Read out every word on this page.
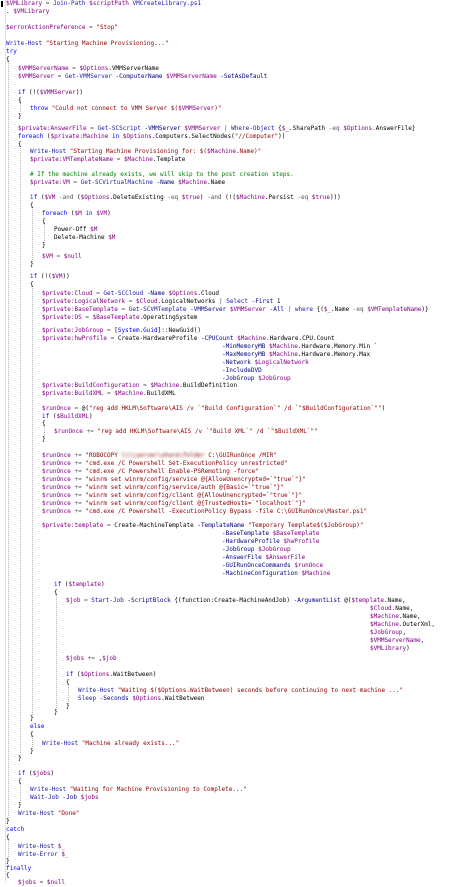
$VMLibrary = Join-Path $scriptPath VMCreateLibrary.ps1
. $VMLibrary
$errorActionPreference = "Stop"
Write-Host "Starting Machine Provisioning..."
try
{
$VMMServerName = $Options.VMMServerName
$VMMServer = Get-VMMServer -ComputerName $VMMServerName -SetAsDefault
if (!($VMMServer))
{
throw "Could not connect to VMM Server $($VMMServer)"
}
$private:AnswerFile = Get-SCScript -VMMServer $VMMServer | Where-Object {$_.SharePath -eq $Options.AnswerFile}
foreach ($private:Machine in $Options.Computers.SelectNodes("//Computer"))
{
Write-Host "Starting Machine Provisioning for: $($Machine.Name)"
$private:VMTemplateName = $Machine.Template
# If the machine already exists, we will skip to the post creation steps.
$private:VM = Get-SCVirtualMachine -Name $Machine.Name
if ($VM -and ($Options.DeleteExisting -eq $true) -and (!($Machine.Persist -eq $true)))
{
foreach ($M in $VM)
{
Power-Off $M
Delete-Machine $M
}
$VM = $null
}
if (!($VM))
{
$private:Cloud = Get-SCCloud -Name $Options.Cloud
$private:LogicalNetwork = $Cloud.LogicalNetworks | Select -First 1
$private:BaseTemplate = Get-SCVMTemplate -VMMServer $VMMServer -All | where {($_.Name -eq $VMTemplateName)}
$private:OS = $BaseTemplate.OperatingSystem
$private:JobGroup = [System.Guid]::NewGuid()
$private:hwProfile = Create-HardwareProfile -CPUCount $Machine.Hardware.CPU.Count
-MinMemoryMB $Machine.Hardware.Memory.Min `
-MaxMemoryMB $Machine.Hardware.Memory.Max
-Network $LogicalNetwork
-IncludeDVD
-JobGroup $JobGroup
$private:BuildConfiguration = $Machine.BuildDefinition
$private:BuildXML = $Machine.BuildXML
$runOnce = @("reg add HKLM\Software\AIS /v `"Build Configuration`" /d `"$BuildConfiguration`"")
if ($BuildXML)
{
$runOnce += "reg add HKLM\Software\AIS /v `"Build XML`" /d `"$BuildXML`""
}
$runOnce += "ROBOCOPY \\\\server\share\folder C:\GUIRunOnce /MIR"
$runOnce += "cmd.exe /C Powershell Set-ExecutionPolicy unrestricted"
$runOnce += "cmd.exe /C Powershell Enable-PSRemoting -force"
$runOnce += "winrm set winrm/config/service @{AllowUnencrypted=`"true`"}"
$runOnce += "winrm set winrm/config/service/auth @{Basic=`"true`"}"
$runOnce += "winrm set winrm/config/client @{AllowUnencrypted=`"true`"}"
$runOnce += "winrm set winrm/config/client @{TrustedHosts=`"localhost`"}"
$runOnce += "cmd.exe /C Powershell -ExecutionPolicy Bypass -file C:\GUIRunOnce\Master.ps1"
$private:template = Create-MachineTemplate -TemplateName "Temporary Template$($JobGroup)"
-BaseTemplate $BaseTemplate
-HardwareProfile $hwProfile
-JobGroup $JobGroup
-AnswerFile $AnswerFile
-GUIRunOnceCommands $runOnce
-MachineConfiguration $Machine
if ($template)
{
$job = Start-Job -ScriptBlock {(function:Create-MachineAndJob) -ArgumentList @($template.Name,
$Cloud.Name,
$Machine.Name,
$Machine.OuterXml,
$JobGroup,
$VMMServerName,
$VMLibrary)
$jobs += ,$job
if ($Options.WaitBetween)
{
Write-Host "Waiting $($Options.WaitBetween) seconds before continuing to next machine ..."
Sleep -Seconds $Options.WaitBetween
}
}
}
else
{
Write-Host "Machine already exists..."
}
}
if ($jobs)
{
Write-Host "Waiting for Machine Provisioning to Complete..."
Wait-Job -Job $jobs
}
Write-Host "Done"
}
catch
{
Write-Host $_
Write-Error $_
}
finally
{
$jobs = $null
